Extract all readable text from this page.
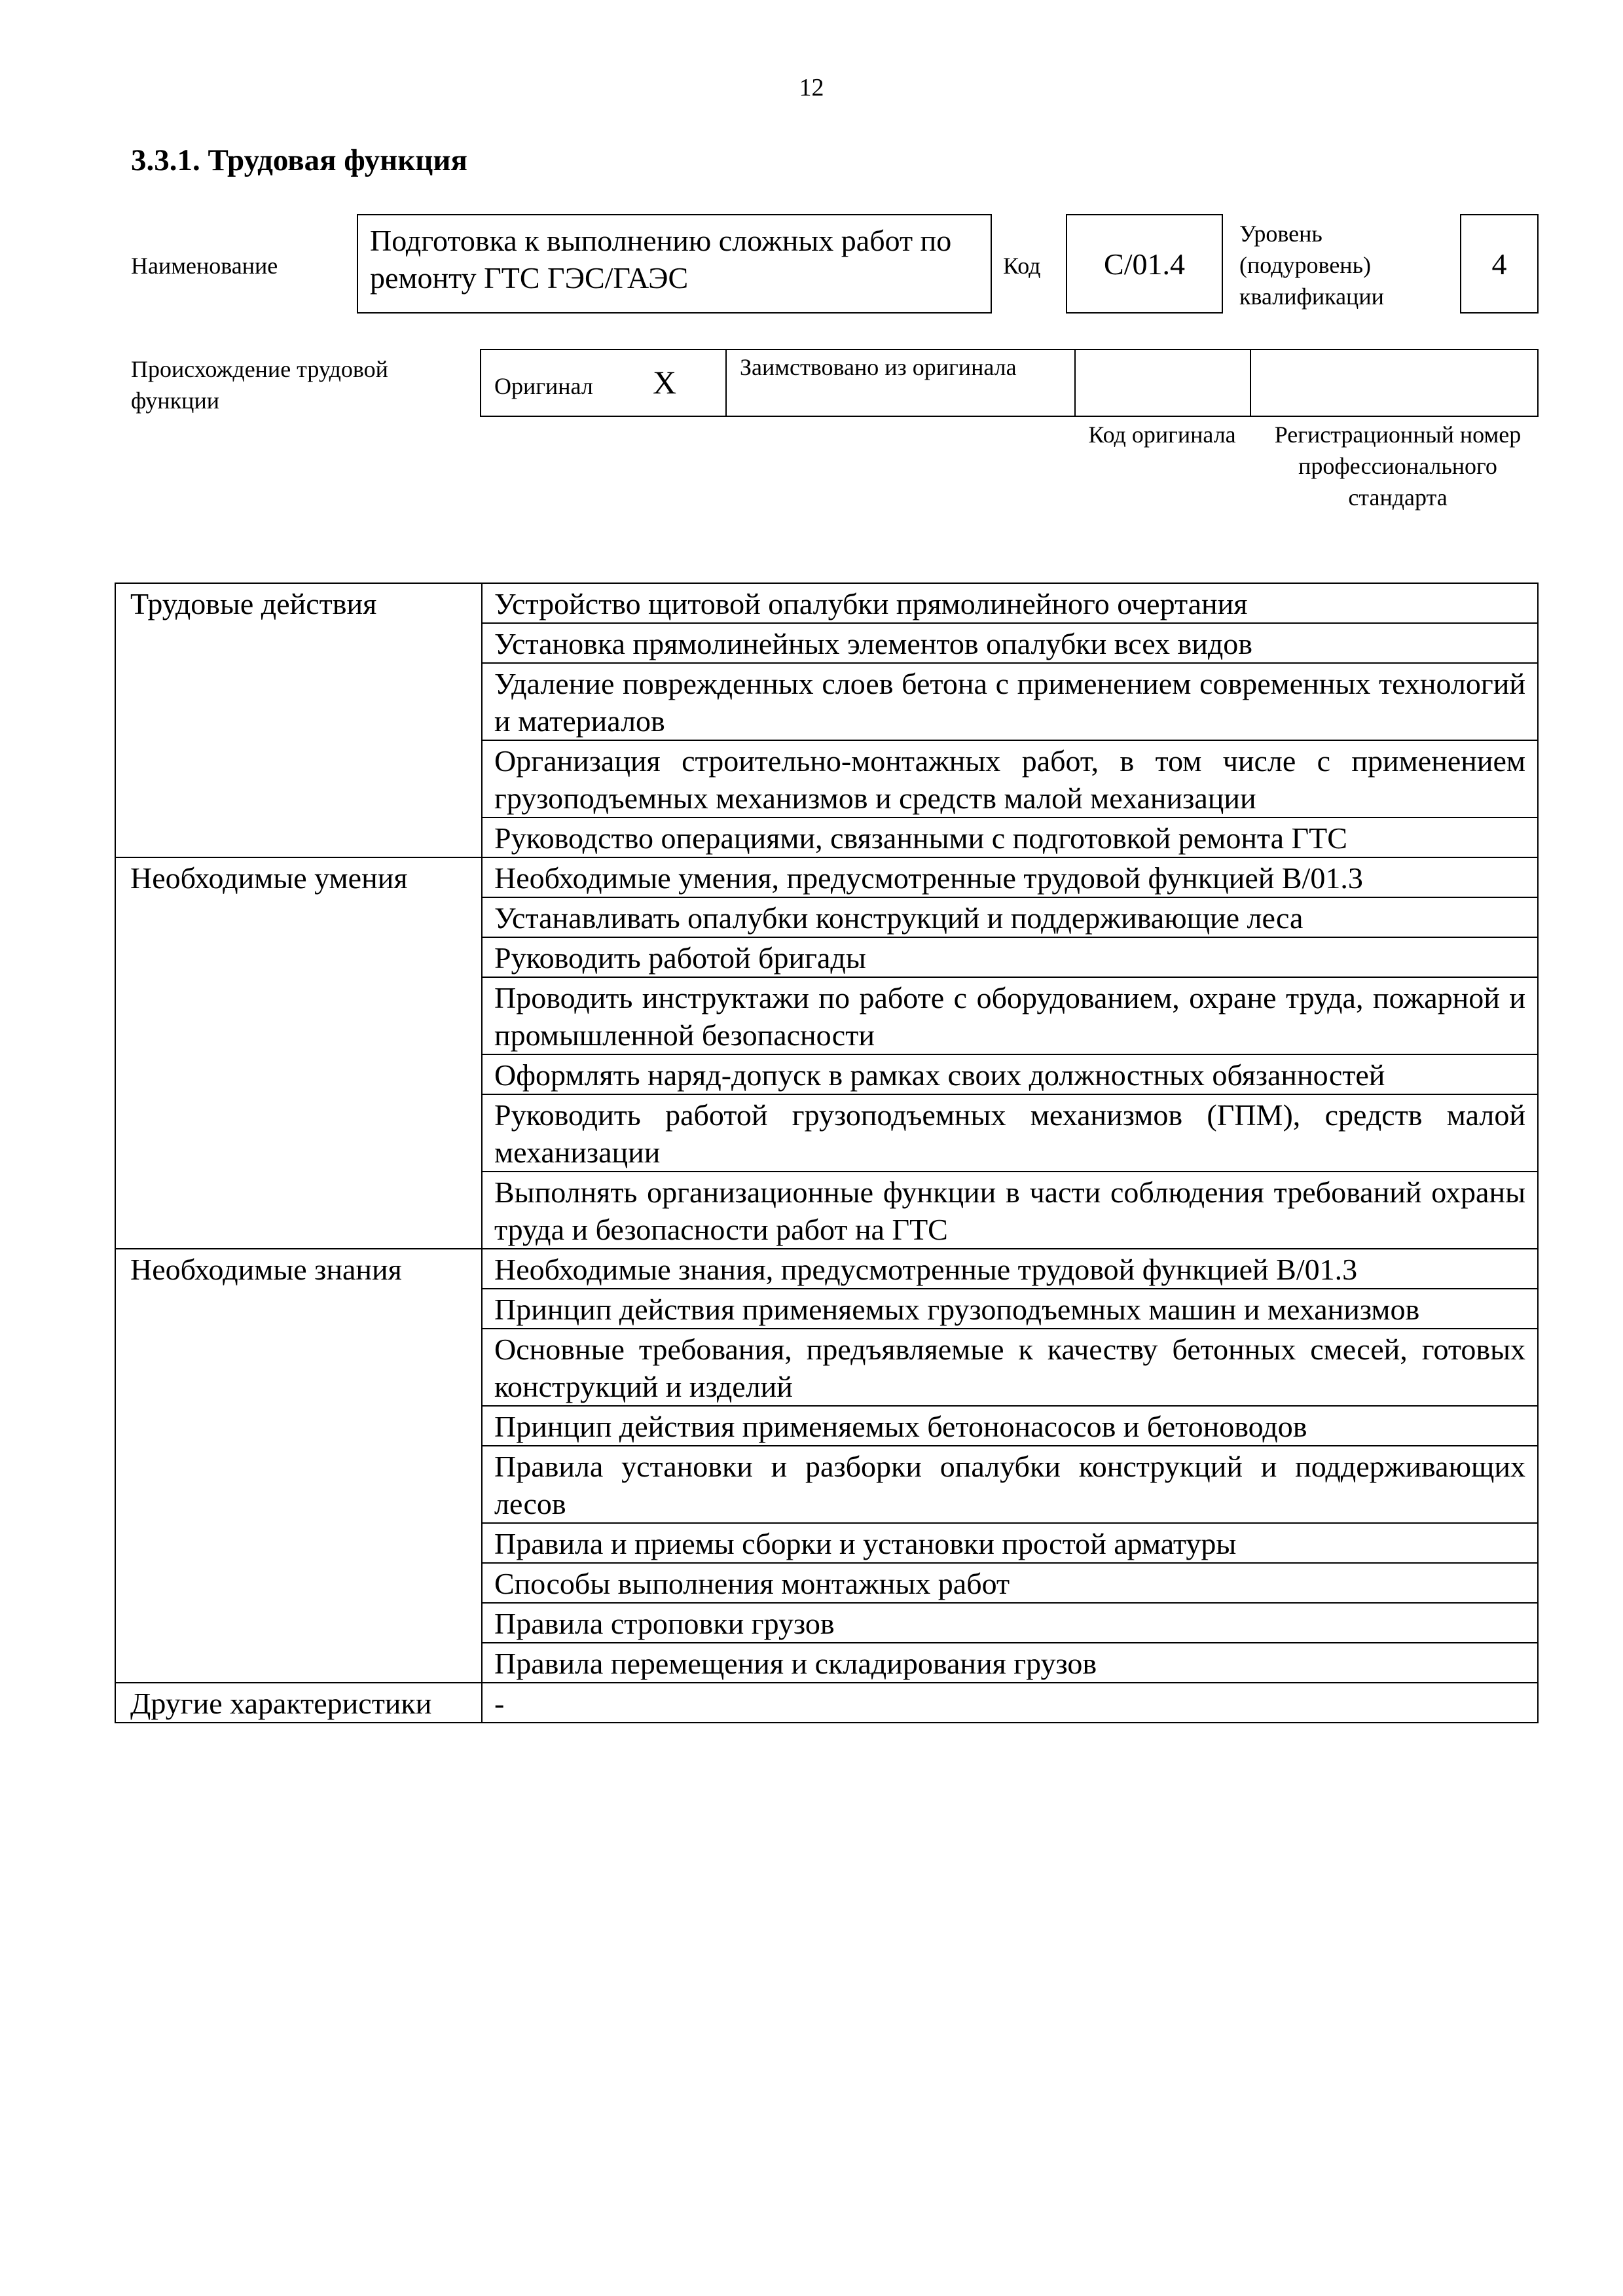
12
3.3.1. Трудовая функция
Наименование
Подготовка к выполнению сложных работ по ремонту ГТС ГЭС/ГАЭС	Код C/01.4
Уровень (подуровень) квалификации
4
Происхождение трудовой функции
Оригинал X	Заимствовано из оригинала
Код оригинала	Регистрационный номер профессионального стандарта
Трудовые действия	Устройство щитовой опалубки прямолинейного очертания
	Установка прямолинейных элементов опалубки всех видов
	Удаление поврежденных слоев бетона с применением современных технологий и материалов
	Организация строительно-монтажных работ, в том числе с применением грузоподъемных механизмов и средств малой механизации
	Руководство операциями, связанными с подготовкой ремонта ГТС
Необходимые умения	Необходимые умения, предусмотренные трудовой функцией B/01.3
	Устанавливать опалубки конструкций и поддерживающие леса
	Руководить работой бригады
	Проводить инструктажи по работе с оборудованием, охране труда, пожарной и промышленной безопасности
	Оформлять наряд-допуск в рамках своих должностных обязанностей
	Руководить работой грузоподъемных механизмов (ГПМ), средств малой механизации
	Выполнять организационные функции в части соблюдения требований охраны труда и безопасности работ на ГТС
Необходимые знания	Необходимые знания, предусмотренные трудовой функцией B/01.3
	Принцип действия применяемых грузоподъемных машин и механизмов
	Основные требования, предъявляемые к качеству бетонных смесей, готовых конструкций и изделий
	Принцип действия применяемых бетононасосов и бетоноводов
	Правила установки и разборки опалубки конструкций и поддерживающих лесов
	Правила и приемы сборки и установки простой арматуры
	Способы выполнения монтажных работ
	Правила строповки грузов
	Правила перемещения и складирования грузов
Другие характеристики	-
